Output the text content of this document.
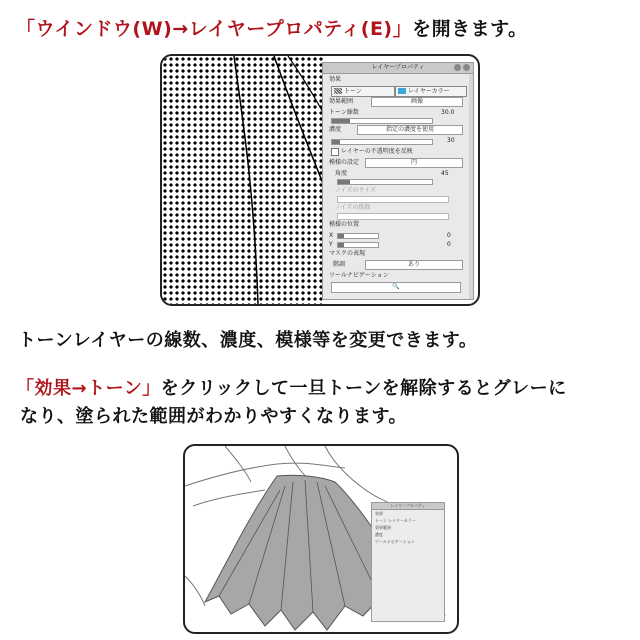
「ウインドウ(W)→レイヤープロパティ(E)」を開きます。
トーンレイヤーの線数、濃度、模様等を変更できます。
「効果→トーン」をクリックして一旦トーンを解除するとグレーに
なり、塗られた範囲がわかりやすくなります。
レイヤープロパティ
効果
トーン	レイヤーカラー
効果範囲	画像
トーン線数	30.0
濃度	指定の濃度を使用
30
レイヤーの不透明度を反映
模様の設定	円
角度	45
ノイズのサイズ
ノイズの係数
模様の位置
X	0
Y	0
マスクの表現
階調	あり
ツールナビゲーション
🔍
レイヤープロパティ
効果
トーン レイヤーカラー
効果範囲
濃度
ツールナビゲーション
